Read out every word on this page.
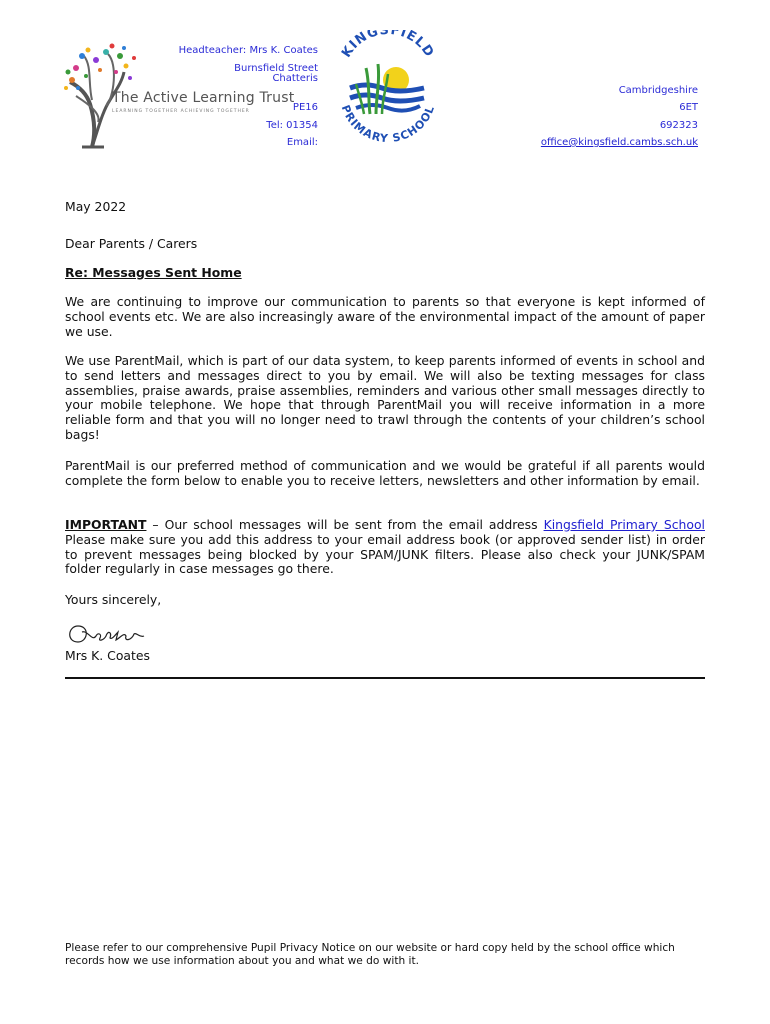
The Active Learning Trust
LEARNING TOGETHER ACHIEVING TOGETHER
Headteacher: Mrs K. Coates
Burnsfield Street
Chatteris
PE16
Tel: 01354
Email:
KINGSFIELD
PRIMARY SCHOOL
Cambridgeshire
6ET
692323
office@kingsfield.cambs.sch.uk
May 2022
Dear Parents / Carers
Re: Messages Sent Home
We are continuing to improve our communication to parents so that everyone is kept informed of school events etc. We are also increasingly aware of the environmental impact of the amount of paper we use.
We use ParentMail, which is part of our data system, to keep parents informed of events in school and to send letters and messages direct to you by email. We will also be texting messages for class assemblies, praise awards, praise assemblies, reminders and various other small messages directly to your mobile telephone. We hope that through ParentMail you will receive information in a more reliable form and that you will no longer need to trawl through the contents of your children’s school bags!
ParentMail is our preferred method of communication and we would be grateful if all parents would complete the form below to enable you to receive letters, newsletters and other information by email.
IMPORTANT – Our school messages will be sent from the email address Kingsfield Primary School Please make sure you add this address to your email address book (or approved sender list) in order to prevent messages being blocked by your SPAM/JUNK filters. Please also check your JUNK/SPAM folder regularly in case messages go there.
Yours sincerely,
Mrs K. Coates
Please refer to our comprehensive Pupil Privacy Notice on our website or hard copy held by the school office which records how we use information about you and what we do with it.
